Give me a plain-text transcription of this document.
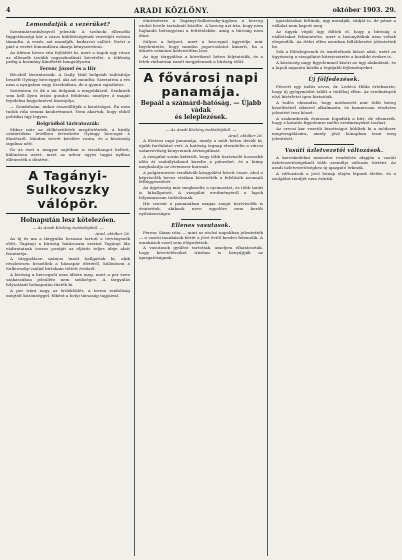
4	ARADI KÖZLÖNY.	október 1903. 29.
Lemondatják a vezérüket?

Szentmártonfalvayról jelentik: A szolnoki ellenzéki függetlenségi kör a város küldöttségének vezetőjét erősen támadta. A vezér, azt mondják, kudarcot vallott. Ezért a párt a vezért lemondásra akarja kényszeríteni.

Az ülésen heves vita fejlődött ki, mert a tagok egy része az ellenzék tovább ragaszkodását követelte, a többség pedig a kormány kíméletét hangsúlyozta.

Ferenc József és a Hír

Bécsből táviratozzák: A Daily Mail belgrádi tudósítója beszélt Gyöngy herceggel, aki azt mondta: Szerintem a rés nem a nyugalom vagy Szerbiában, de a gyanú sajnálatos.

Szerintem és ők a mi dolgunk a megoldásról. Senkinek sem kell ilyen óriási gondot felidézni, amelyre ő magát fejedelmi kegyelmével bizonyítja.

— Gondolnám, mikor összeállítják a bizottságot. Én nem tudok róla semmi konkrétumot. Nem akartuk, hogy ebből politikai ügy legyen.

Belgrádból táviratozzák:

Mikor már az előkészületek megtörténtek, a király csütörtökön levélben értesítette Gyöngy herceget a döntésről. Minden tervét kérdőre vonta, és a közönség izgalma nőtt.

Ez az eset a magyar sajtóban is visszhangot keltett, különösen azért, mert az udvar egyes tagjai nyíltan ellenezték a döntést.

A Tagányi-Sulkovszky válópör.
Holnapután lesz kötelezően.
— Az Aradi Közlöny tudósítójától. —
Arad, október 28.

Az új és ma a tárgyalás hosszan tartott a törvényszék előtt. Tagányi a bíróság határozata szerint Tagányi Ida vádiratainak összes pontját az eljárás teljes ideje alatt fenntartja.

A tárgyaláson számos tanút hallgattak ki, akik részletesen beszéltek a házaspár életéről, különösen a Sulkovszky-család birtokain töltött évekről.

A bíróság a hercegnőt nem idézte meg, mert a per ezen szakaszában jelenléte nem szükséges. A tárgyalás folytatását holnapután tűzték ki.

A per iránt nagy az érdeklődés, a terem zsúfolásig megtelt közönséggel, főként a helyi társaság tagjaival.

elintézésére a Tagányi-Sulkovszky-ügyben a herceg utolsó levele tartalmát közölte. A herceg azt írta, hogy nem hajlandó beleegyezni a feltételekbe, amíg a bíróság nem dönt.

Súlyos a helyzet, mert a hercegnő ügyvédje már bejelentette, hogy minden jogorvoslatot kimerít, ha a döntés számára kedvezőtlen lesz.

Az ügy tárgyalása a következő héten folytatódik, és a felek várhatóan ismét megjelennek a bíróság előtt.

A fővárosi napi panamája.
Bepaál a számárd-hatóság. — Újabb vádak
és leleplezések.
— Az Aradi Közlöny tudósítójától. —
Arad, október 28.

A főváros napi panamája, amely a múlt héten derült ki, újabb fordulatot vett. A hatóság tegnap elrendelte a városi számvevőség könyveinek átvizsgálását.

A vizsgálat során kiderült, hogy több tisztviselő hosszabb időn át szabálytalanul kezelte a pénzeket, és a hiány meghaladja az ötvenezer koronát.

A polgármester rendkívüli közgyűlést hívott össze, ahol a képviselők heves vitában követelték a felelősök azonnali felfüggesztését.

Az ügyészség már megkezdte a nyomozást, és több tanút is kihallgatott. A vizsgálat eredményéről a lapok folyamatosan tudósítanak.

Hír szerint a panamában magas rangú tisztviselők is érintettek, akiknek neve egyelőre nem került nyilvánosságra.

Ellenes vasutasok.

Ferenc Sámu róta — mint az utolsó napokban jelentették — a vasúti munkások bérét a jövő évtől kezdve felemelik. A munkások ezzel sem elégedettek.

A vasutasok gyűlést tartottak, amelyen elhatározták, hogy követeléseiket írásban is benyújtják az igazgatóságnak.

igazolásokat feltűnik, úgy mondják, vádját is, de pénzt a vállalat nem kapott meg.

Az ügyek végül úgy dőltek el, hogy a bíróság a vádlottakat felmentette, mert a bizonyítékok nem voltak elegendők. Az ítélet ellen azonban fellebbezést jelentettek be.

Sok a fölöslegesnek és ismételtnek látszó adat, ezért az ügyészség a vizsgálatot kiterjesztette a korábbi évekre is.

A közönség nagy figyelemmel kíséri az ügy alakulását, és a lapok naponta közlik a legújabb fejleményeket.

Új fölfedezések.

Pécsett egy tudós orvos, dr. Ledócs Hilda értelmezte, hogy új gyógymódot talált a tüdőbaj ellen. Az eredmények első kísérletei igen biztatóak.

A tudós elmondta, hogy módszerét már több beteg kezelésénél sikerrel alkalmazta, és hamarosan részletes jelentést tesz közzé.

A szakemberek óvatosan fogadták a hírt, de elismerik, hogy a kutatás figyelemre méltó eredményeket hozhat.

Az orvosi kar vezetői bizottságot küldtek ki a módszer megvizsgálására, amely jövő hónapban teszi meg jelentését.

Vasúti üzletvezetői változások.

A kereskedelmi miniszter rendelete alapján a vasúti üzletvezetőségeknél több személyi változás történt. Az aradi üzletvezetőséghez új igazgató érkezik.

A változások a jövő hónap elején lépnek életbe, és a szolgálat rendjét nem érintik.
